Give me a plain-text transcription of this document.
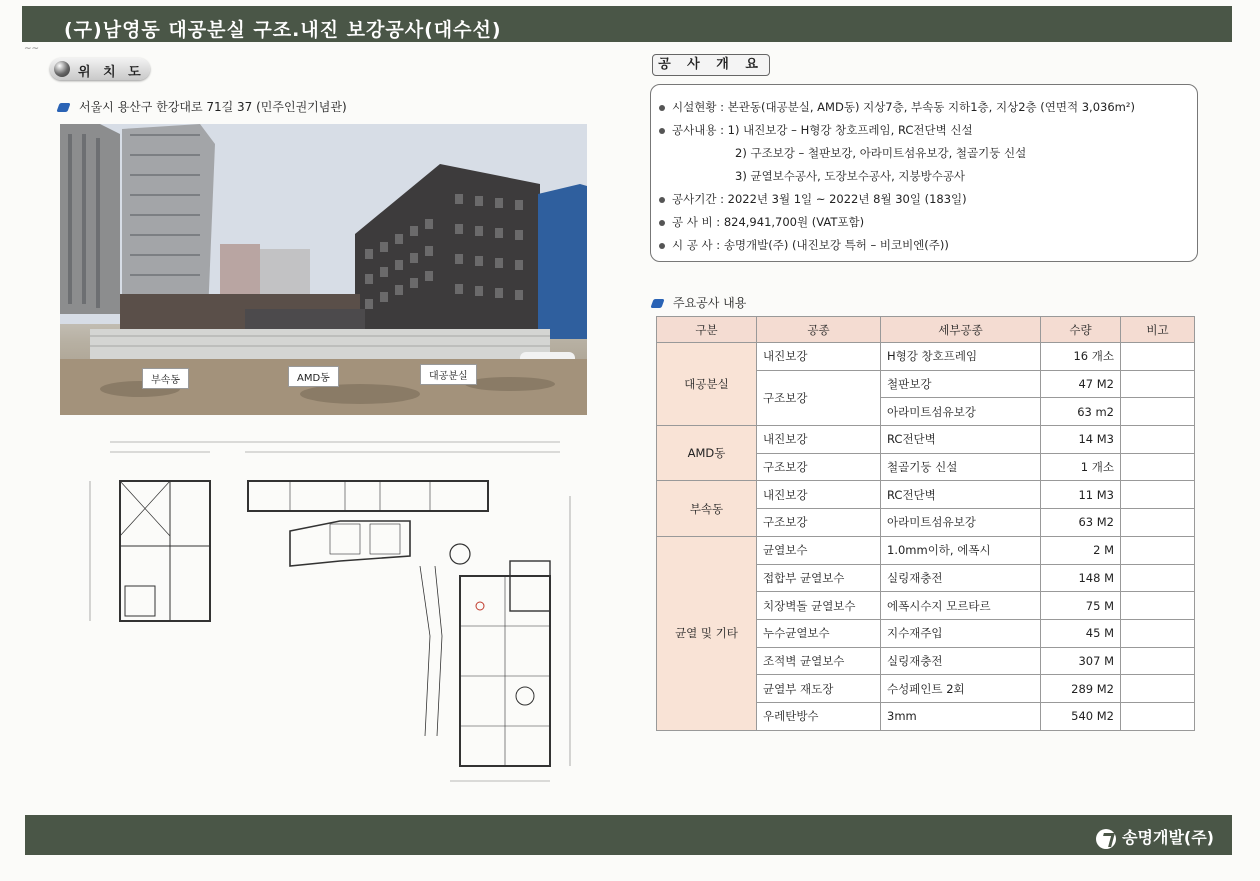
(구)남영동 대공분실 구조.내진 보강공사(대수선)
~~
위 치 도
서울시 용산구 한강대로 71길 37 (민주인권기념관)
부속동	AMD동	대공분실
공 사 개 요
시설현황 : 본관동(대공분실, AMD동) 지상7층, 부속동 지하1층, 지상2층 (연면적 3,036m²)
공사내용 : 1) 내진보강 – H형강 창호프레임, RC전단벽 신설
2) 구조보강 – 철판보강, 아라미트섬유보강, 철골기둥 신설
3) 균열보수공사, 도장보수공사, 지붕방수공사
공사기간 : 2022년 3월 1일 ~ 2022년 8월 30일 (183일)
공 사 비 : 824,941,700원 (VAT포함)
시 공 사 : 송명개발(주) (내진보강 특허 – 비코비엔(주))
주요공사 내용
구분	공종	세부공종	수량	비고
대공분실	내진보강	H형강 창호프레임	16 개소	
	구조보강	철판보강	47 M2	
		아라미트섬유보강	63 m2	
AMD동	내진보강	RC전단벽	14 M3	
	구조보강	철골기둥 신설	1 개소	
부속동	내진보강	RC전단벽	11 M3	
	구조보강	아라미트섬유보강	63 M2	
균열 및 기타	균열보수	1.0mm이하, 에폭시	2 M	
	접합부 균열보수	실링재충전	148 M	
	치장벽돌 균열보수	에폭시수지 모르타르	75 M	
	누수균열보수	지수재주입	45 M	
	조적벽 균열보수	실링재충전	307 M	
	균열부 재도장	수성페인트 2회	289 M2	
	우레탄방수	3mm	540 M2	
송명개발(주)
